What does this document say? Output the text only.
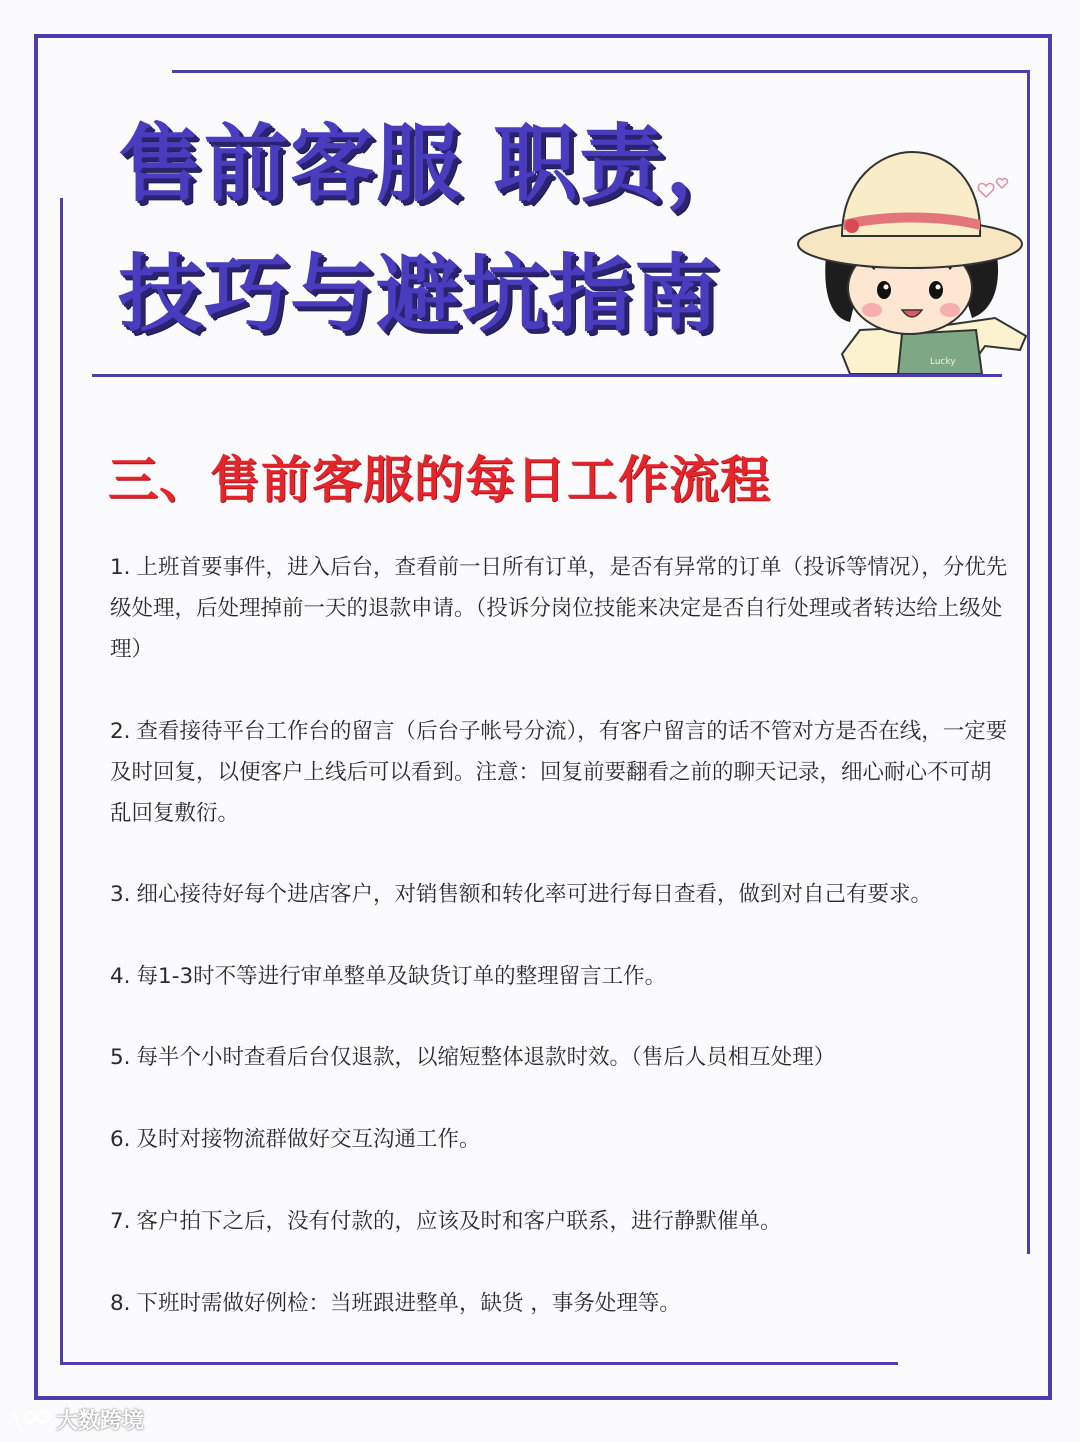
售前客服 职责，
技巧与避坑指南
Lucky
三、售前客服的每日工作流程
1. 上班首要事件，进入后台，查看前一日所有订单，是否有异常的订单（投诉等情况），分优先级处理，后处理掉前一天的退款申请。（投诉分岗位技能来决定是否自行处理或者转达给上级处理）
2. 查看接待平台工作台的留言（后台子帐号分流），有客户留言的话不管对方是否在线，一定要及时回复，以便客户上线后可以看到。注意：回复前要翻看之前的聊天记录，细心耐心不可胡乱回复敷衍。
3. 细心接待好每个进店客户，对销售额和转化率可进行每日查看，做到对自己有要求。
4. 每1-3时不等进行审单整单及缺货订单的整理留言工作。
5. 每半个小时查看后台仅退款，以缩短整体退款时效。（售后人员相互处理）
6. 及时对接物流群做好交互沟通工作。
7. 客户拍下之后，没有付款的，应该及时和客户联系，进行静默催单。
8. 下班时需做好例检：当班跟进整单，缺货 ，事务处理等。
大数跨境
